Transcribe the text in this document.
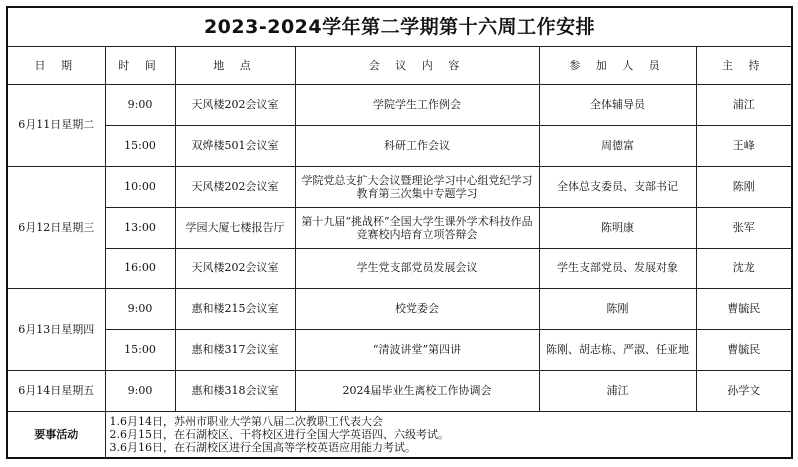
2023-2024学年第二学期第十六周工作安排					
日 期	时 间	地 点	会 议 内 容	参 加 人 员	主 持
6月11日星期二	9:00	天风楼202会议室	学院学生工作例会	全体辅导员	浦江
	15:00	双烨楼501会议室	科研工作会议	周德富	王峰
6月12日星期三	10:00	天风楼202会议室	学院党总支扩大会议暨理论学习中心组党纪学习教育第三次集中专题学习	全体总支委员、支部书记	陈刚
	13:00	学园大厦七楼报告厅	第十九届“挑战杯”全国大学生课外学术科技作品竞赛校内培育立项答辩会	陈明康	张军
	16:00	天风楼202会议室	学生党支部党员发展会议	学生支部党员、发展对象	沈龙
6月13日星期四	9:00	惠和楼215会议室	校党委会	陈刚	曹毓民
	15:00	惠和楼317会议室	“清波讲堂”第四讲	陈刚、胡志栋、严淑、任亚地	曹毓民
6月14日星期五	9:00	惠和楼318会议室	2024届毕业生离校工作协调会	浦江	孙学文
要事活动	1.6月14日，苏州市职业大学第八届二次教职工代表大会
2.6月15日，在石湖校区、干将校区进行全国大学英语四、六级考试。
3.6月16日，在石湖校区进行全国高等学校英语应用能力考试。				
